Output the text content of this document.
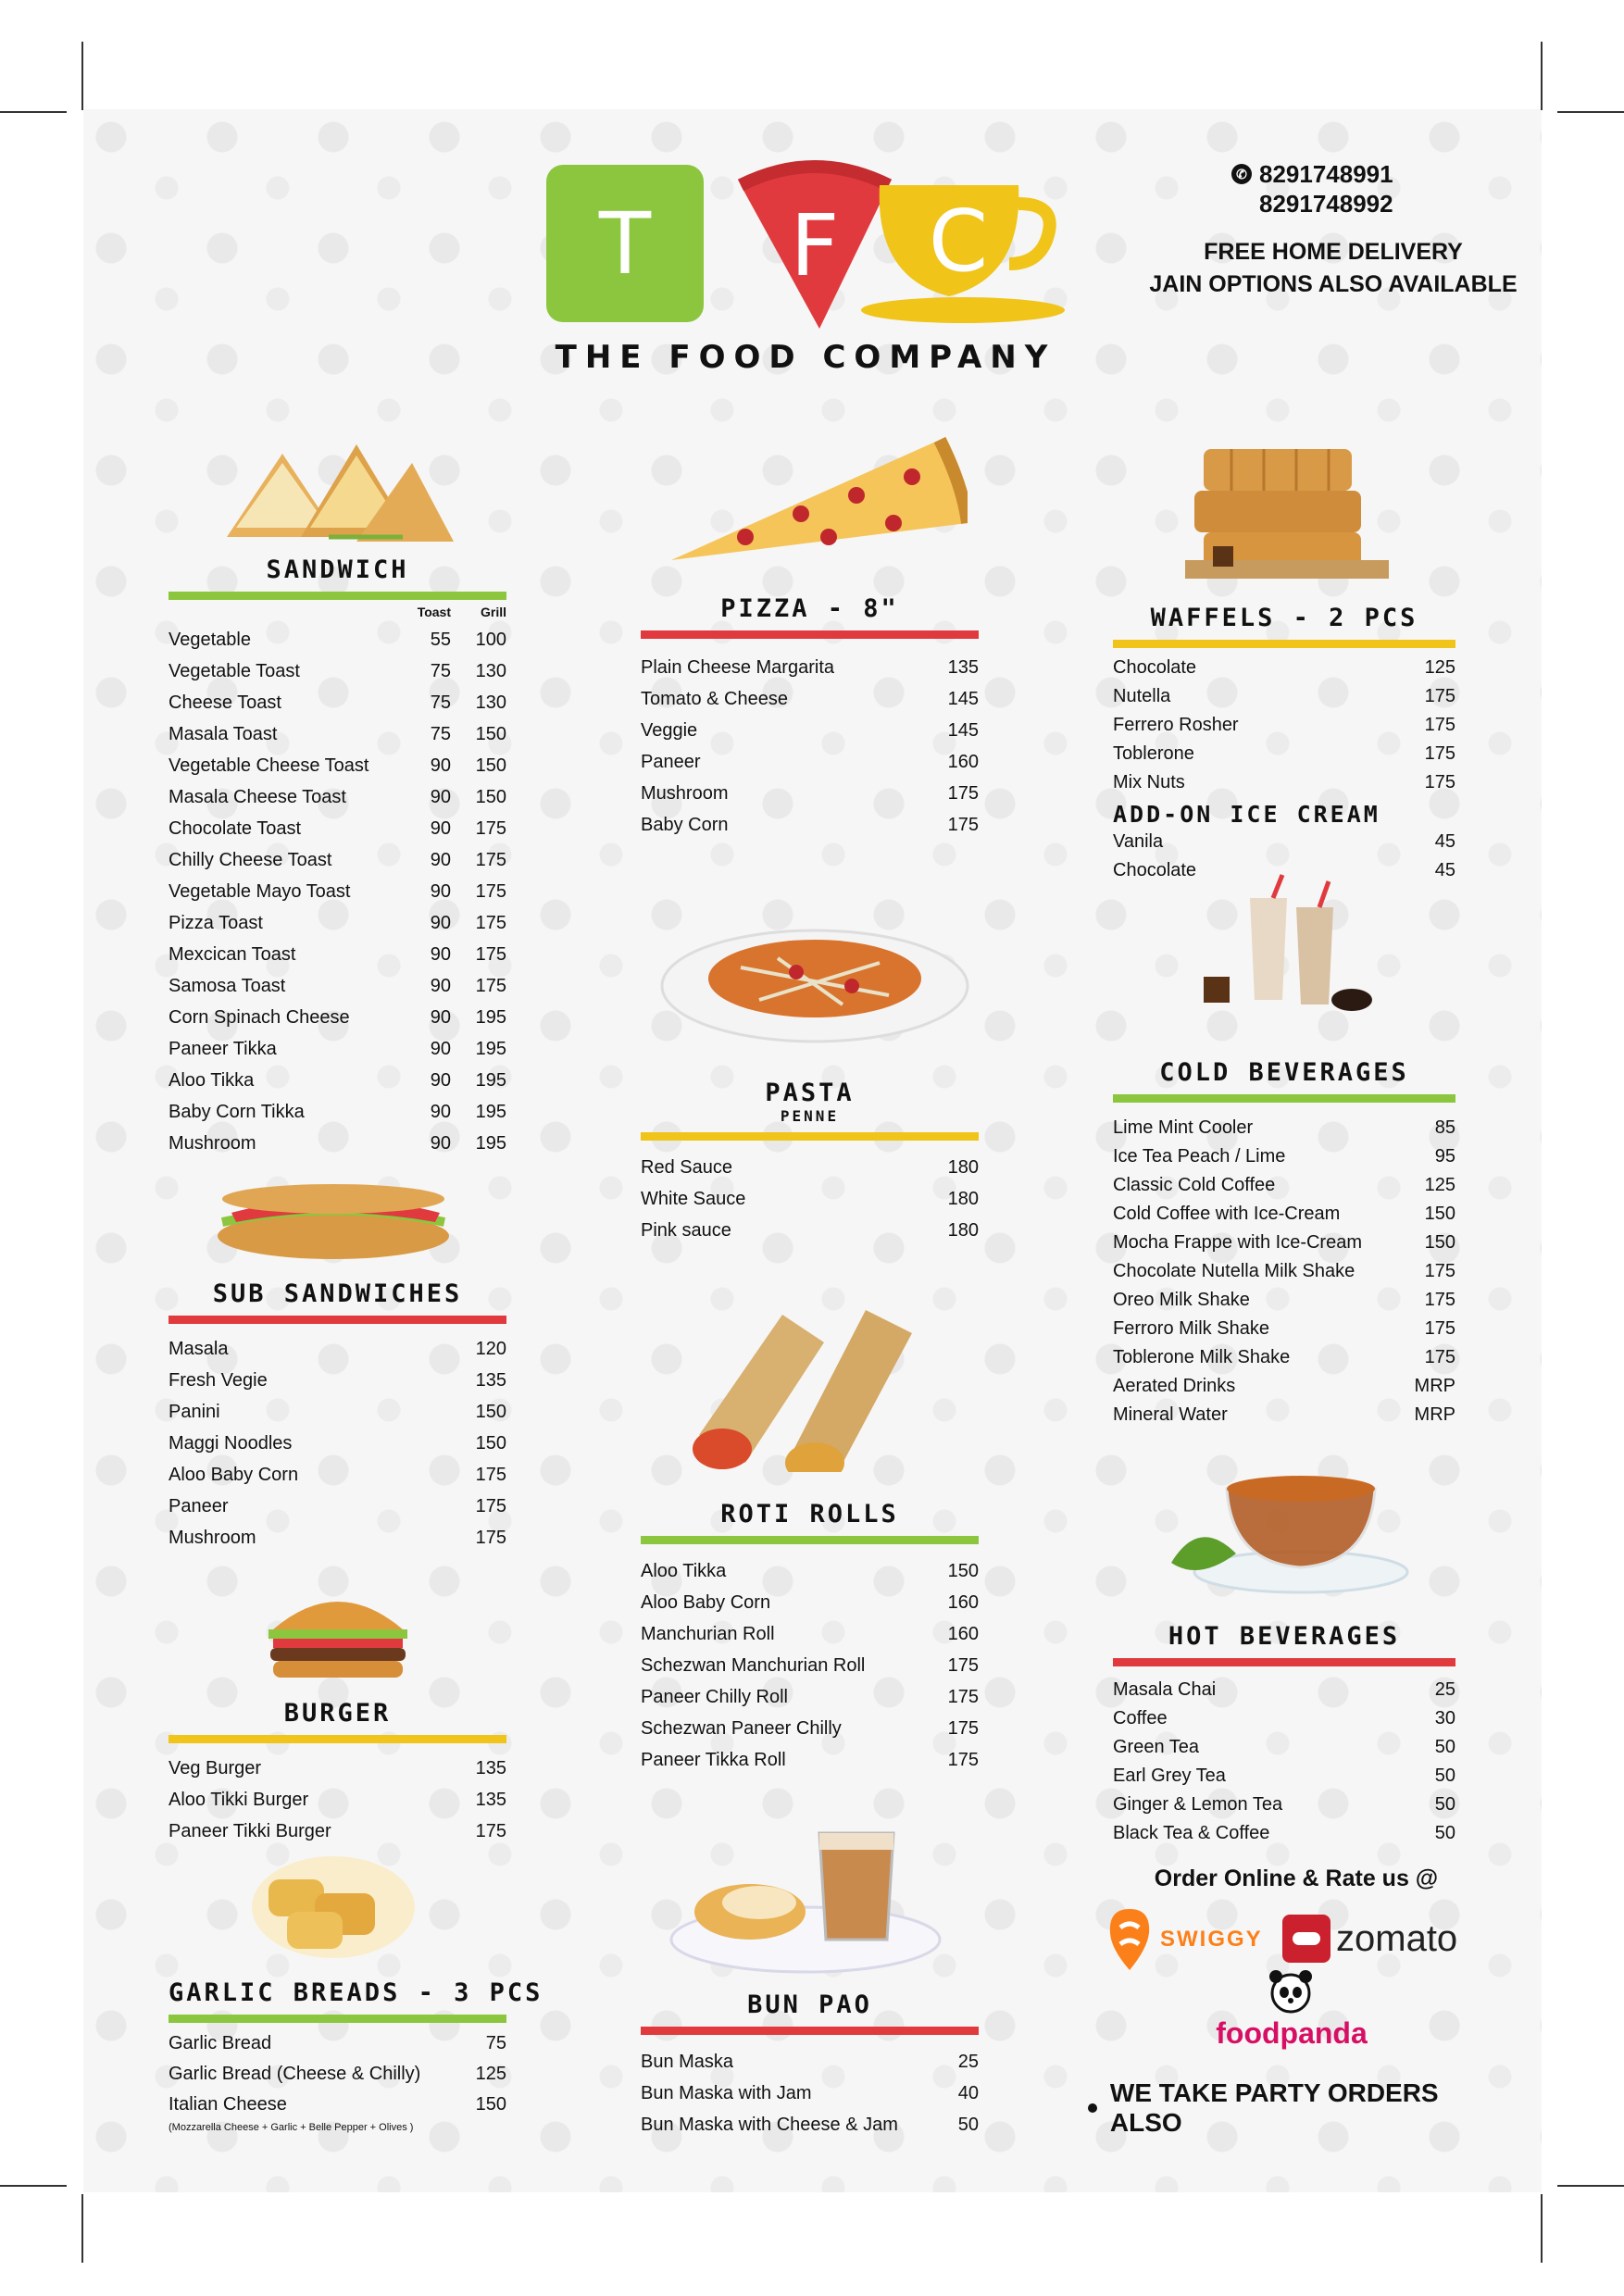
T F C
THE FOOD COMPANY
✆ 8291748991
8291748992
FREE HOME DELIVERY
JAIN OPTIONS ALSO AVAILABLE
SANDWICH
Toast	Grill
Vegetable	55	100
Vegetable Toast	75	130
Cheese Toast	75	130
Masala Toast	75	150
Vegetable Cheese Toast	90	150
Masala Cheese Toast	90	150
Chocolate Toast	90	175
Chilly Cheese Toast	90	175
Vegetable Mayo Toast	90	175
Pizza Toast	90	175
Mexcican Toast	90	175
Samosa Toast	90	175
Corn Spinach Cheese	90	195
Paneer Tikka	90	195
Aloo Tikka	90	195
Baby Corn Tikka	90	195
Mushroom	90	195
SUB SANDWICHES
Masala	120
Fresh Vegie	135
Panini	150
Maggi Noodles	150
Aloo Baby Corn	175
Paneer	175
Mushroom	175
BURGER
Veg Burger	135
Aloo Tikki Burger	135
Paneer Tikki Burger	175
GARLIC BREADS - 3 PCS
Garlic Bread	75
Garlic Bread (Cheese & Chilly)	125
Italian Cheese	150
(Mozzarella Cheese + Garlic + Belle Pepper + Olives )
PIZZA - 8"
Plain Cheese Margarita	135
Tomato & Cheese	145
Veggie	145
Paneer	160
Mushroom	175
Baby Corn	175
PASTA
PENNE
Red Sauce	180
White Sauce	180
Pink sauce	180
ROTI ROLLS
Aloo Tikka	150
Aloo Baby Corn	160
Manchurian Roll	160
Schezwan Manchurian Roll	175
Paneer Chilly Roll	175
Schezwan Paneer Chilly	175
Paneer Tikka Roll	175
BUN PAO
Bun Maska	25
Bun Maska with Jam	40
Bun Maska with Cheese & Jam	50
WAFFELS - 2 PCS
Chocolate	125
Nutella	175
Ferrero Rosher	175
Toblerone	175
Mix Nuts	175
ADD-ON ICE CREAM
Vanila	45
Chocolate	45
COLD BEVERAGES
Lime Mint Cooler	85
Ice Tea Peach / Lime	95
Classic Cold Coffee	125
Cold Coffee with Ice-Cream	150
Mocha Frappe with Ice-Cream	150
Chocolate Nutella Milk Shake	175
Oreo Milk Shake	175
Ferroro Milk Shake	175
Toblerone Milk Shake	175
Aerated Drinks	MRP
Mineral Water	MRP
HOT BEVERAGES
Masala Chai	25
Coffee	30
Green Tea	50
Earl Grey Tea	50
Ginger & Lemon Tea	50
Black Tea & Coffee	50
Order Online & Rate us @
SWIGGY zomato
foodpanda
WE TAKE PARTY ORDERS ALSO
